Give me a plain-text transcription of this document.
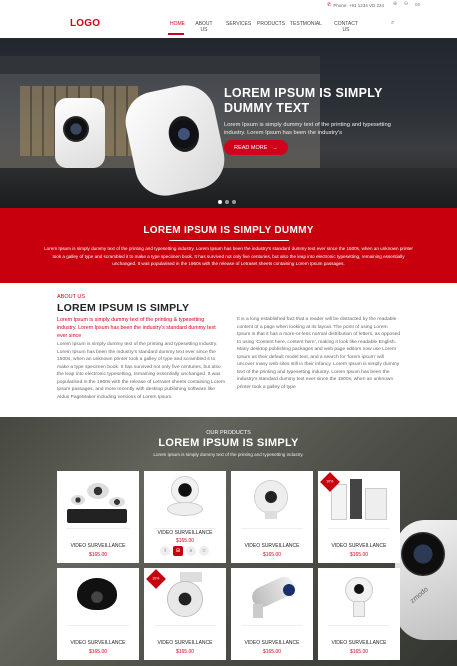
✆ Phone: +91 1234 VD 224	⊕	⊖	06
LOGO	HOME	ABOUT US
SERVICES	PRODUCTS TESTMONIAL	CONTACT US
⌕
LOREM IPSUM IS SIMPLY DUMMY TEXT
Lorem Ipsum is simply dummy text of the printing and typesetting industry. Lorem Ipsum has been the industry's
READ MORE →
LOREM IPSUM IS SIMPLY DUMMY
Lorem Ipsum is simply dummy text of the printing and typesetting industry. Lorem Ipsum has been the industry's standard dummy text ever since the 1500s, when an unknown printer took a galley of type and scrambled it to make a type specimen book. It has survived not only five centuries, but also the leap into electronic typesetting, remaining essentially unchanged. It was popularised in the 1960s with the release of Letraset sheets containing Lorem Ipsum passages.
ABOUT US
LOREM IPSUM IS SIMPLY
Lorem Ipsum is simply dummy text of the printing & typesetting industry. Lorem Ipsum has been the industry's standard dummy text ever since
Lorem Ipsum is simply dummy text of the printing and typesetting industry. Lorem Ipsum has been the industry's standard dummy text ever since the 1500s, when an unknown printer took a galley of type and scrambled it to make a type specimen book. It has survived not only five centuries, but also the leap into electronic typesetting, remaining essentially unchanged. It was popularised in the 1960s with the release of Letraset sheets containing Lorem Ipsum passages, and more recently with desktop publishing software like Aldus PageMaker including versions of Lorem Ipsum.
It is a long established fact that a reader will be distracted by the readable content of a page when looking at its layout. The point of using Lorem Ipsum is that it has a more-or-less normal distribution of letters, as opposed to using 'Content here, content here', making it look like readable English. Many desktop publishing packages and web page editors now use Lorem Ipsum as their default model text, and a search for 'lorem ipsum' will uncover many web sites still in their infancy. Lorem Ipsum is simply dummy text of the printing and typesetting industry. Lorem Ipsum has been the industry's standard dummy text ever since the 1500s, when an unknown printer took a galley of type
zmodo
OUR PRODUCTS
LOREM IPSUM IS SIMPLY
Lorem ipsum is simply dummy text of the printing and typesetting industry.
VIDEO SURVEILLANCE
$165.00
VIDEO SURVEILLANCE
$165.00
i	⊞	⌕	☆
VIDEO SURVEILLANCE
$165.00
10%
VIDEO SURVEILLANCE
$165.00
VIDEO SURVEILLANCE
$165.00
10%
VIDEO SURVEILLANCE
$165.00
VIDEO SURVEILLANCE
$165.00
VIDEO SURVEILLANCE
$165.00
